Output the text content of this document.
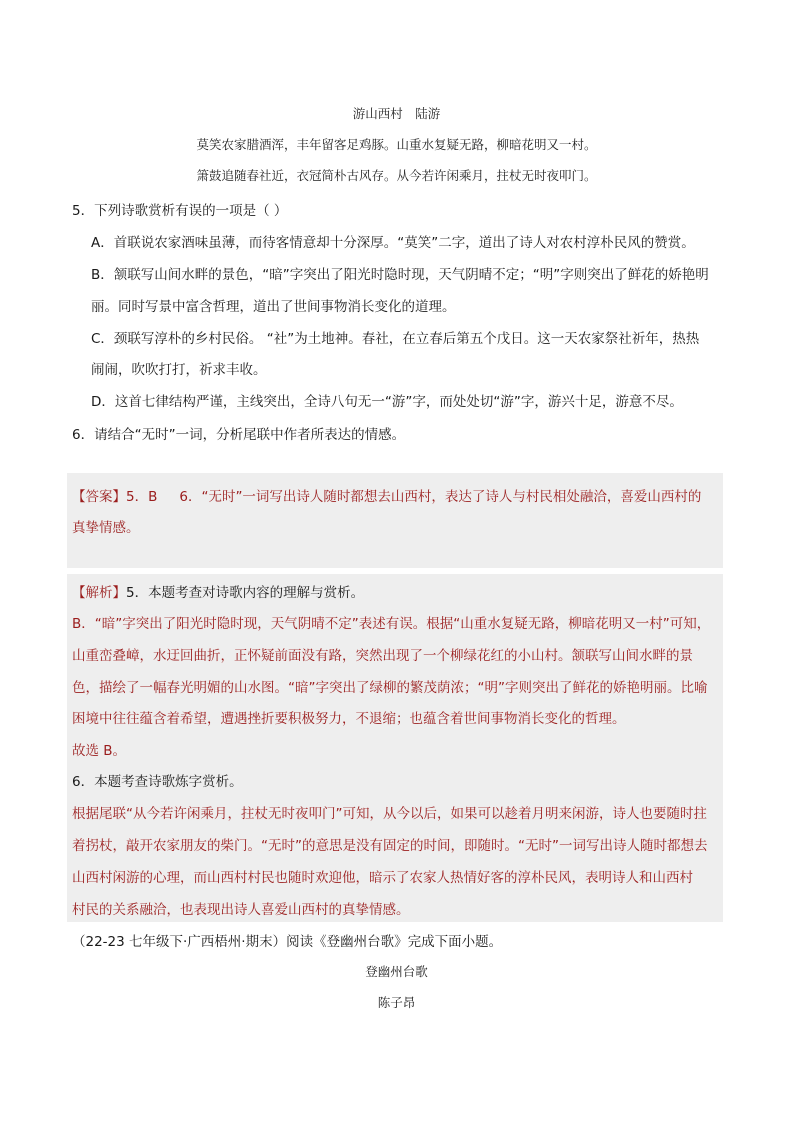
游山西村　陆游
莫笑农家腊酒浑，丰年留客足鸡豚。山重水复疑无路，柳暗花明又一村。
箫鼓追随春社近，衣冠简朴古风存。从今若许闲乘月，拄杖无时夜叩门。
5．下列诗歌赏析有误的一项是（ ）
A．首联说农家酒味虽薄，而待客情意却十分深厚。“莫笑”二字，道出了诗人对农村淳朴民风的赞赏。
B．颔联写山间水畔的景色，“暗”字突出了阳光时隐时现，天气阴晴不定；“明”字则突出了鲜花的娇艳明
丽。同时写景中富含哲理，道出了世间事物消长变化的道理。
C．颈联写淳朴的乡村民俗。 “社”为土地神。春社，在立春后第五个戊日。这一天农家祭社祈年，热热
闹闹，吹吹打打，祈求丰收。
D．这首七律结构严谨，主线突出，全诗八句无一“游”字，而处处切“游”字，游兴十足，游意不尽。
6．请结合“无时”一词，分析尾联中作者所表达的情感。
【答案】5．B 6．“无时”一词写出诗人随时都想去山西村，表达了诗人与村民相处融洽，喜爱山西村的
真挚情感。
【解析】5．本题考查对诗歌内容的理解与赏析。
B．“暗”字突出了阳光时隐时现，天气阴晴不定”表述有误。根据“山重水复疑无路，柳暗花明又一村”可知，
山重峦叠嶂，水迂回曲折，正怀疑前面没有路，突然出现了一个柳绿花红的小山村。颔联写山间水畔的景
色，描绘了一幅春光明媚的山水图。“暗”字突出了绿柳的繁茂荫浓；“明”字则突出了鲜花的娇艳明丽。比喻
困境中往往蕴含着希望，遭遇挫折要积极努力，不退缩；也蕴含着世间事物消长变化的哲理。
故选 B。
6．本题考查诗歌炼字赏析。
根据尾联“从今若许闲乘月，拄杖无时夜叩门”可知，从今以后，如果可以趁着月明来闲游，诗人也要随时拄
着拐杖，敲开农家朋友的柴门。“无时”的意思是没有固定的时间，即随时。“无时”一词写出诗人随时都想去
山西村闲游的心理，而山西村村民也随时欢迎他，暗示了农家人热情好客的淳朴民风，表明诗人和山西村
村民的关系融洽，也表现出诗人喜爱山西村的真挚情感。
（22-23 七年级下·广西梧州·期末）阅读《登幽州台歌》完成下面小题。
登幽州台歌
陈子昂
